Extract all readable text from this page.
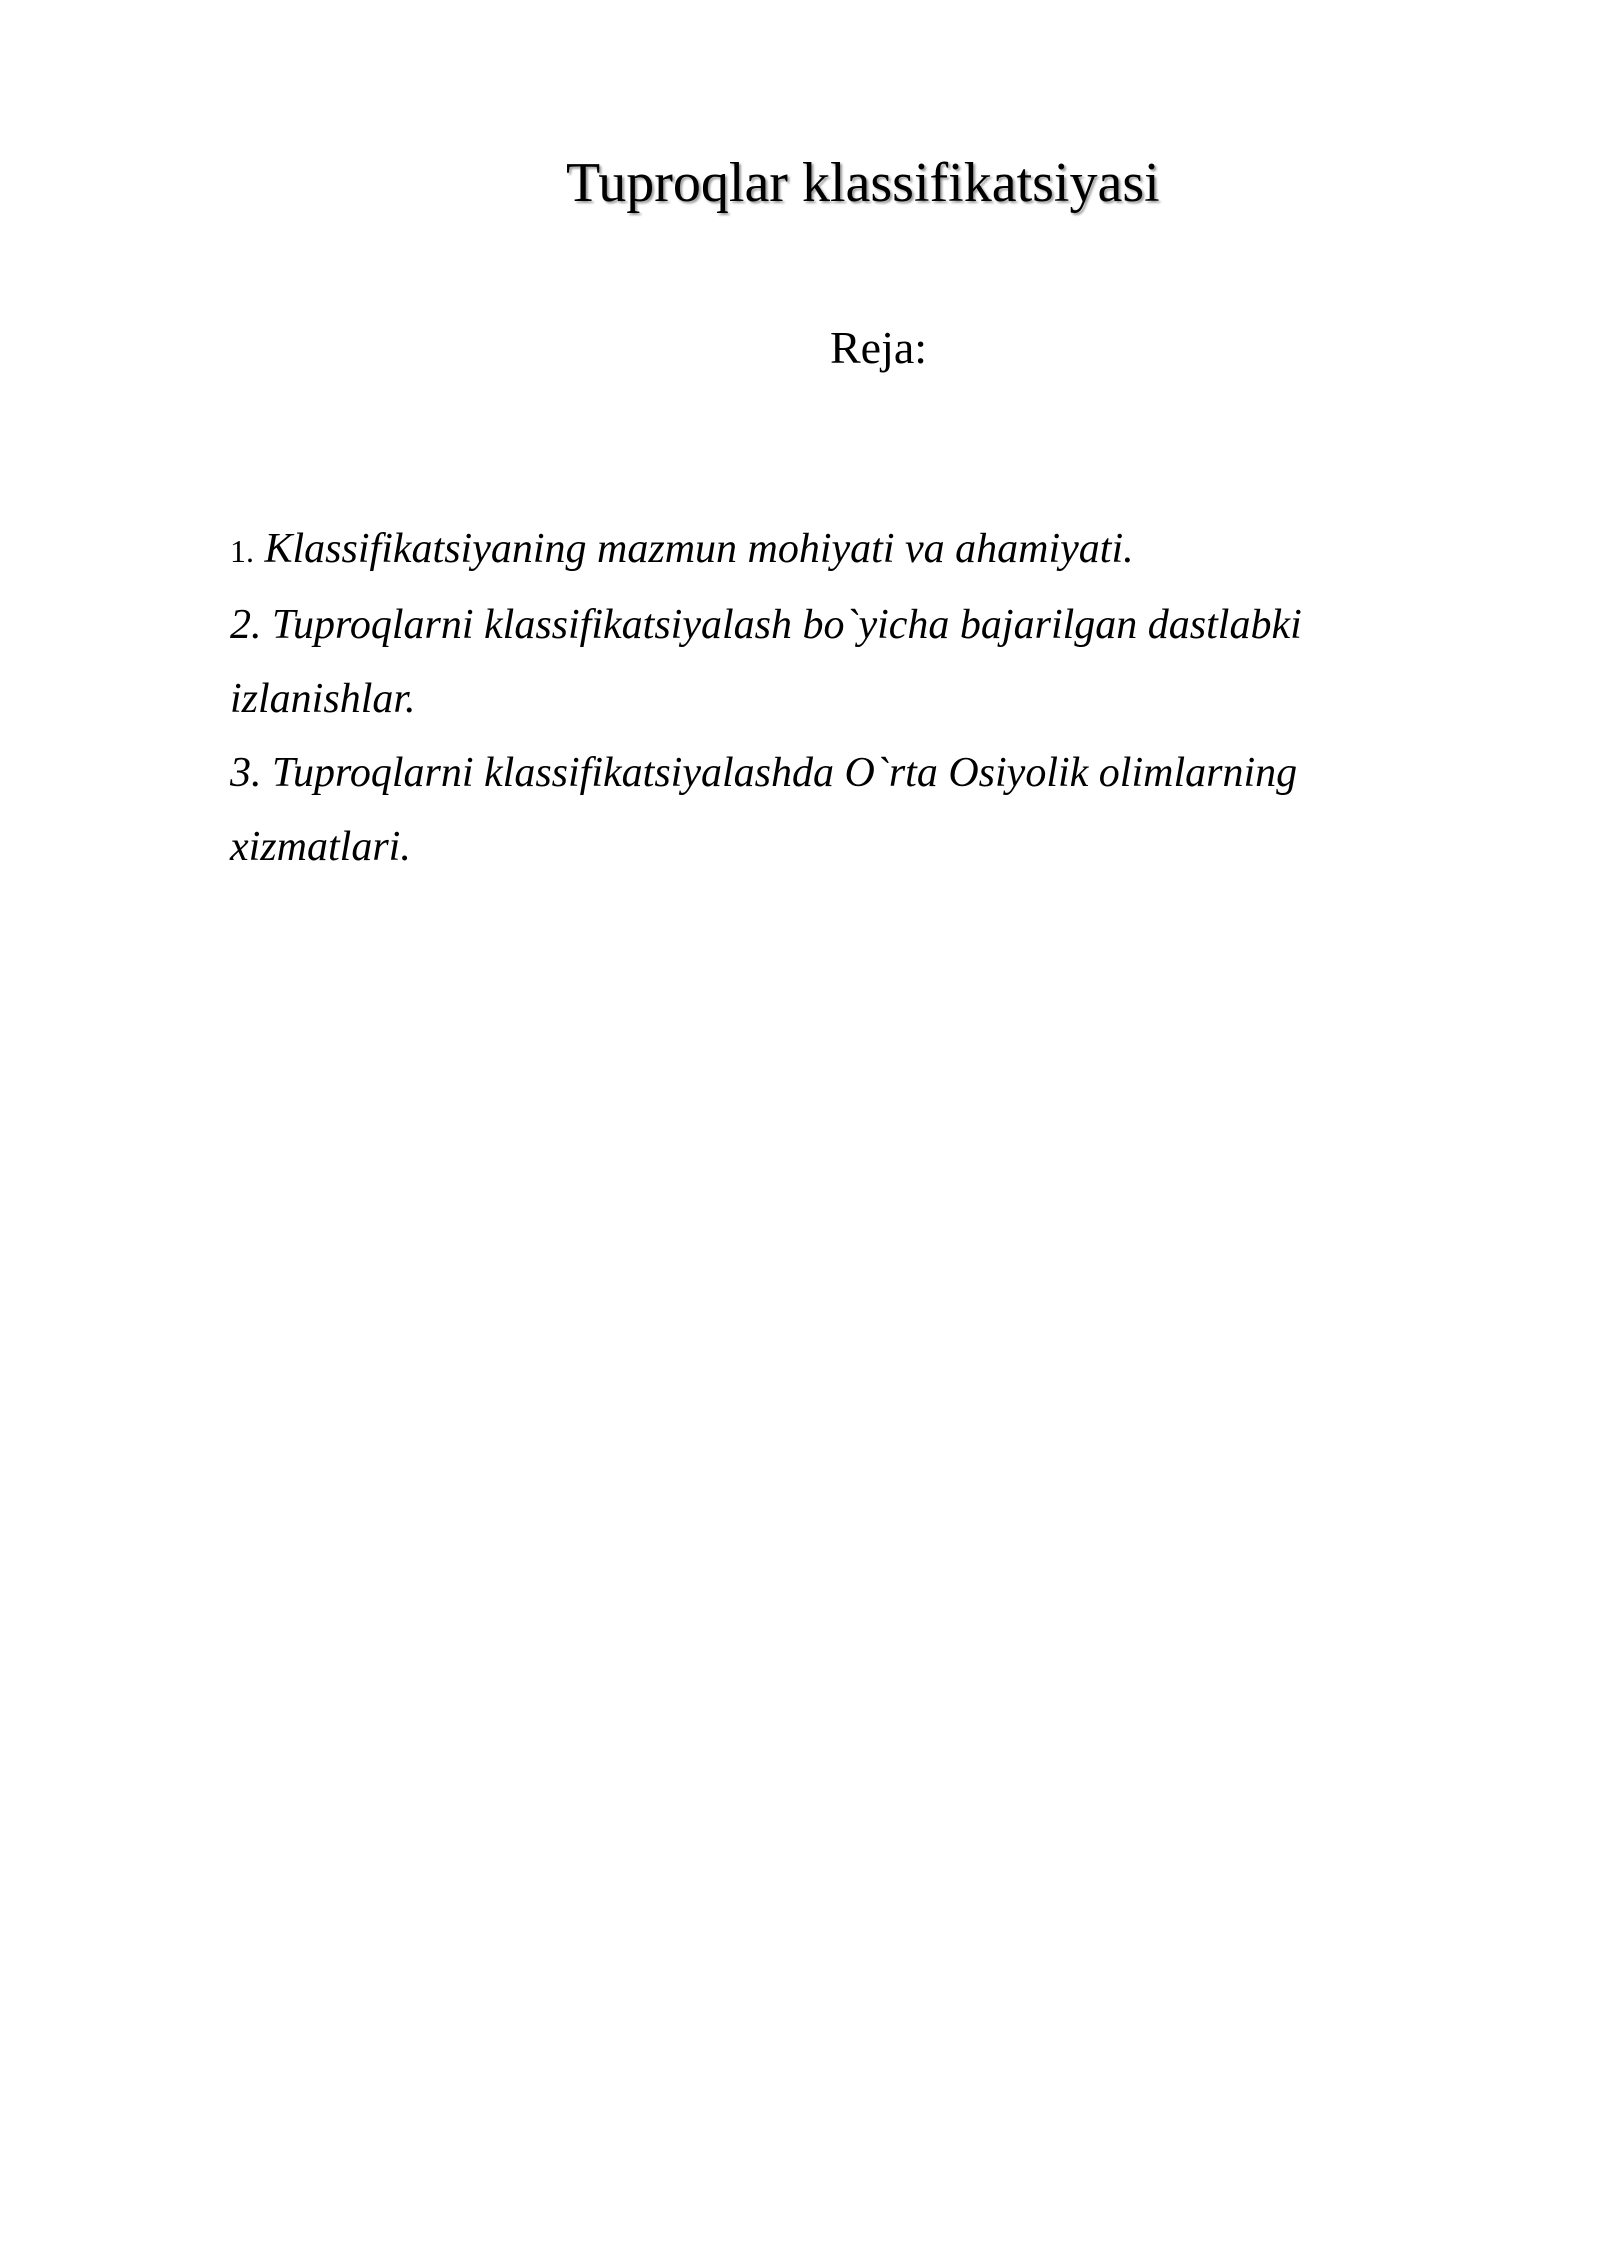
Tuproqlar klassifikatsiyasi
Reja:
1. Klassifikatsiyaning mazmun mohiyati va ahamiyati.
2. Tuproqlarni klassifikatsiyalash bo`yicha bajarilgan dastlabki izlanishlar.
3. Tuproqlarni klassifikatsiyalashda O`rta Osiyolik olimlarning xizmatlari.
